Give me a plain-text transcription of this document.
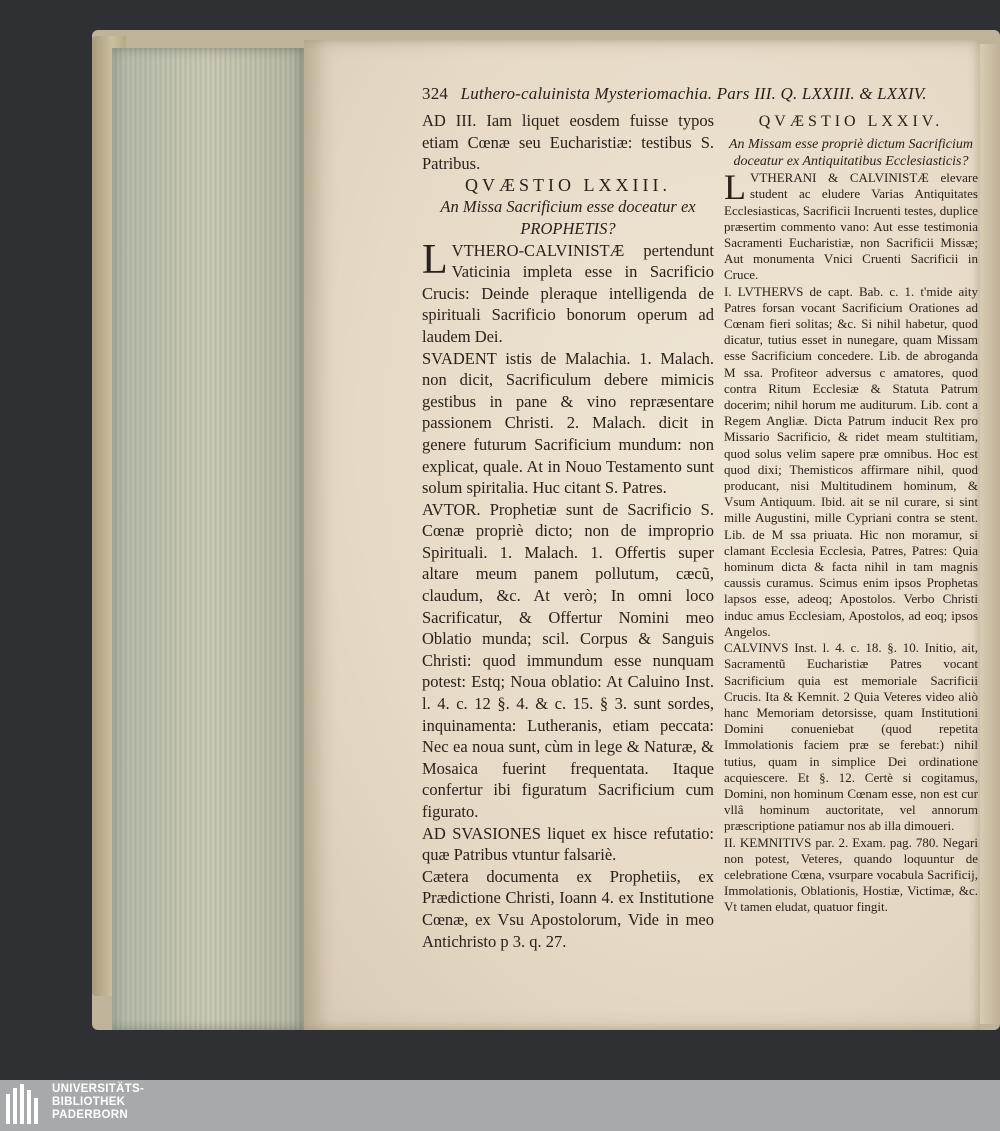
324 Luthero-caluinista Mysteriomachia. Pars III. Q. LXXIII. & LXXIV.

AD III. Iam liquet eosdem fuisse typos etiam Cœnæ seu Eucharistiæ: testibus S. Patribus.

QVÆSTIO LXXIII.

An Missa Sacrificium esse doceatur ex PROPHETIS?

LVTHERO-CALVINISTÆ pertendunt Vaticinia impleta esse in Sacrificio Crucis: Deinde pleraque intelligenda de spirituali Sacrificio bonorum operum ad laudem Dei.

SVADENT istis de Malachia. 1. Malach. non dicit, Sacrificulum debere mimicis gestibus in pane & vino repræsentare passionem Christi. 2. Malach. dicit in genere futurum Sacrificium mundum: non explicat, quale. At in Nouo Testamento sunt solum spiritalia. Huc citant S. Patres.

AVTOR. Prophetiæ sunt de Sacrificio S. Cœnæ propriè dicto; non de improprio Spirituali. 1. Malach. 1. Offertis super altare meum panem pollutum, cæcũ, claudum, &c. At verò; In omni loco Sacrificatur, & Offertur Nomini meo Oblatio munda; scil. Corpus & Sanguis Christi: quod immundum esse nunquam potest: Estq; Noua oblatio: At Caluino Inst. l. 4. c. 12 §. 4. & c. 15. § 3. sunt sordes, inquinamenta: Lutheranis, etiam peccata: Nec ea noua sunt, cùm in lege & Naturæ, & Mosaica fuerint frequentata. Itaque confertur ibi figuratum Sacrificium cum figurato.

AD SVASIONES liquet ex hisce refutatio: quæ Patribus vtuntur falsariè.

Cætera documenta ex Prophetiis, ex Prædictione Christi, Ioann 4. ex Institutione Cœnæ, ex Vsu Apostolorum, Vide in meo Antichristo p 3. q. 27.

QVÆSTIO LXXIV.

An Missam esse propriè dictum Sacrificium doceatur ex Antiquitatibus Ecclesiasticis?

LVTHERANI & CALVINISTÆ elevare student ac eludere Varias Antiquitates Ecclesiasticas, Sacrificii Incruenti testes, duplice præsertim commento vano: Aut esse testimonia Sacramenti Eucharistiæ, non Sacrificii Missæ; Aut monumenta Vnici Cruenti Sacrificii in Cruce.

I. LVTHERVS de capt. Bab. c. 1. t'mide aity Patres forsan vocant Sacrificium Orationes ad Cœnam fieri solitas; &c. Si nihil habetur, quod dicatur, tutius esset in nunegare, quam Missam esse Sacrificium concedere. Lib. de abroganda M ssa. Profiteor adversus c amatores, quod contra Ritum Ecclesiæ & Statuta Patrum docerim; nihil horum me auditurum. Lib. cont a Regem Angliæ. Dicta Patrum inducit Rex pro Missario Sacrificio, & ridet meam stultitiam, quod solus velim sapere præ omnibus. Hoc est quod dixi; Themisticos affirmare nihil, quod producant, nisi Multitudinem hominum, & Vsum Antiquum. Ibid. ait se nil curare, si sint mille Augustini, mille Cypriani contra se stent. Lib. de M ssa priuata. Hic non moramur, si clamant Ecclesia Ecclesia, Patres, Patres: Quia hominum dicta & facta nihil in tam magnis caussis curamus. Scimus enim ipsos Prophetas lapsos esse, adeoq; Apostolos. Verbo Christi induc amus Ecclesiam, Apostolos, ad eoq; ipsos Angelos.

CALVINVS Inst. l. 4. c. 18. §. 10. Initio, ait, Sacramentũ Eucharistiæ Patres vocant Sacrificium quia est memoriale Sacrificii Crucis. Ita & Kemnit. 2 Quia Veteres video aliò hanc Memoriam detorsisse, quam Institutioni Domini conueniebat (quod repetita Immolationis faciem præ se ferebat:) nihil tutius, quam in simplice Dei ordinatione acquiescere. Et §. 12. Certè si cogitamus, Domini, non hominum Cœnam esse, non est cur vllâ hominum auctoritate, vel annorum præscriptione patiamur nos ab illa dimoueri.

II. KEMNITIVS par. 2. Exam. pag. 780. Negari non potest, Veteres, quando loquuntur de celebratione Cœna, vsurpare vocabula Sacrificij, Immolationis, Oblationis, Hostiæ, Victimæ, &c. Vt tamen eludat, quatuor fingit.

UNIVERSITÄTS-
BIBLIOTHEK
PADERBORN
